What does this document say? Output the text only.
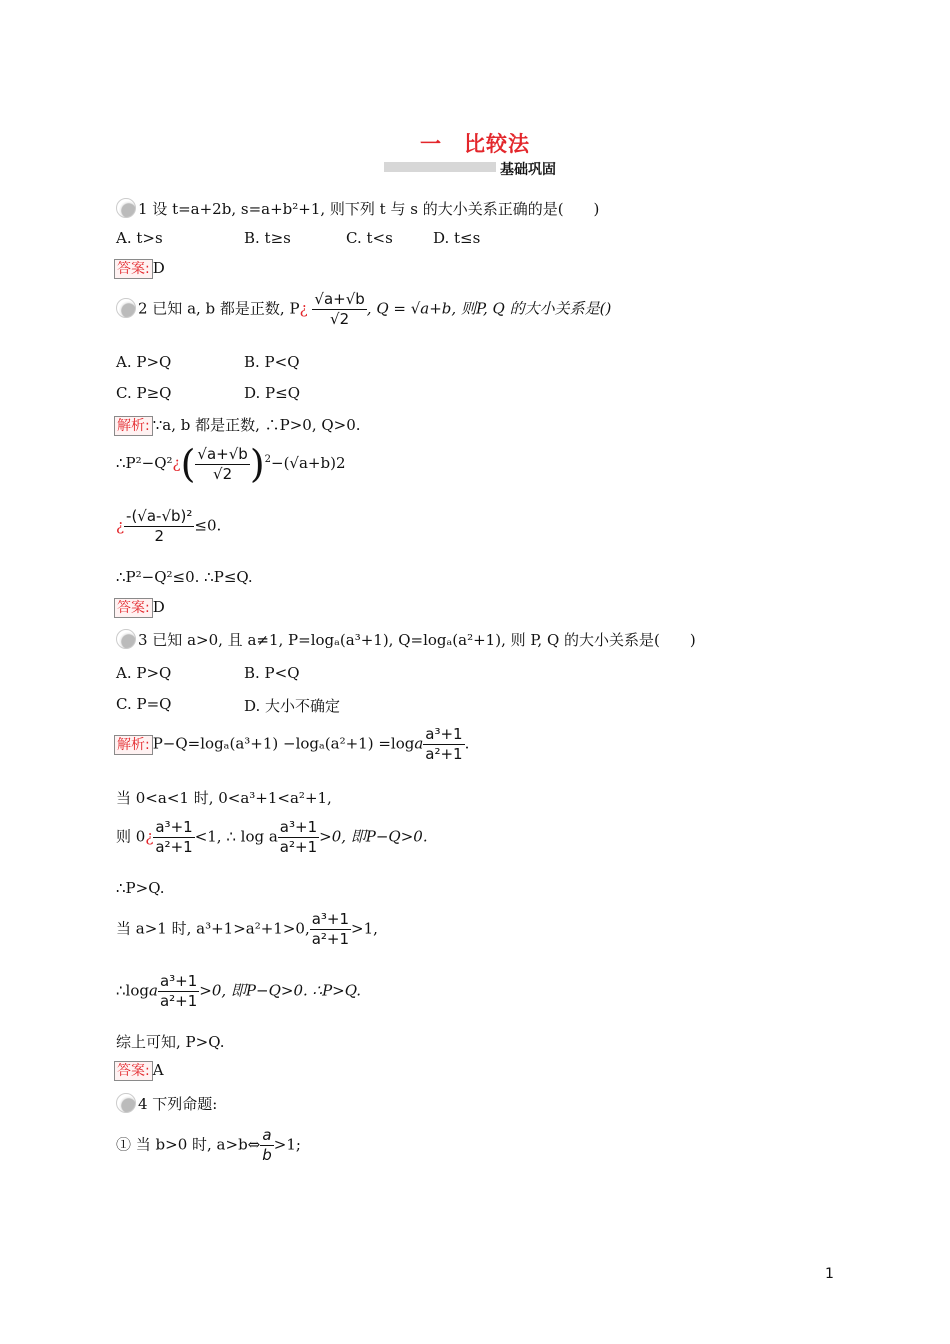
一　比较法
基础巩固
1 设 t=a+2b, s=a+b²+1, 则下列 t 与 s 的大小关系正确的是(　　)
A. t>s	B. t≥s	C. t<s	D. t≤s
答案: D
2 已知 a, b 都是正数, P¿ $\frac{√a+√b}{√2}$ , Q = √a+b, 则P, Q 的大小关系是()
A. P>Q	B. P<Q
C. P≥Q	D. P≤Q
解析: ∵a, b 都是正数, ∴P>0, Q>0.
∴P²−Q²¿( $\frac{√a+√b}{√2} )^2-(√a+b)2$
¿ $\frac{\text{-(√a-√b)²}}{2} \le 0$.
∴P²−Q²≤0. ∴P≤Q.
答案: D
3 已知 a>0, 且 a≠1, P=logₐ(a³+1), Q=logₐ(a²+1), 则 P, Q 的大小关系是(　　)
A. P>Q	B. P<Q
C. P=Q	D. 大小不确定
解析: $P-Q=\log_a(a^3+1) -\log_a(a^2+1) =\log a \frac{\text{a³+1}}{\text{a²+1}}$ .
当 0<a<1 时, 0<a³+1<a²+1,
则 0¿ $\frac{\text{a³+1}}{\text{a²+1}} <1$, ∴ log a $\frac{\text{a³+1}}{\text{a²+1}} >0$, 即P−Q>0.
∴P>Q.
当 a>1 时, a³+1>a²+1>0, $\frac{\text{a³+1}}{\text{a²+1}} >1$,
∴loga $\frac{\text{a³+1}}{\text{a²+1}} >0$, 即P−Q>0. ∴P>Q.
综上可知, P>Q.
答案: A
4 下列命题:
① 当 b>0 时, a>b⇔ $\frac{a}{b} >1$;
1
